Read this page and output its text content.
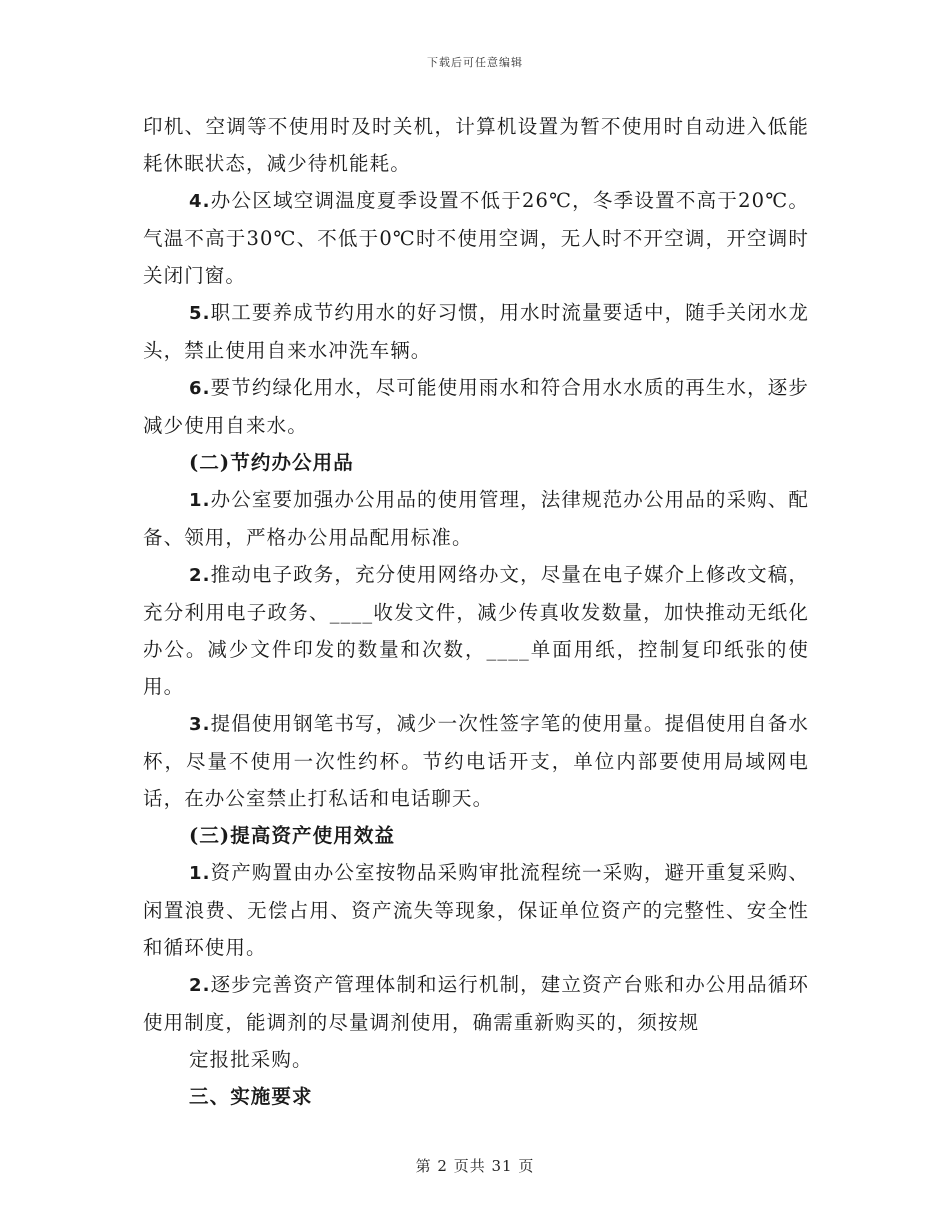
下载后可任意编辑

印机、空调等不使用时及时关机，计算机设置为暂不使用时自动进入低能耗休眠状态，减少待机能耗。

4.办公区域空调温度夏季设置不低于26℃，冬季设置不高于20℃。气温不高于30℃、不低于0℃时不使用空调，无人时不开空调，开空调时关闭门窗。

5.职工要养成节约用水的好习惯，用水时流量要适中，随手关闭水龙头，禁止使用自来水冲洗车辆。

6.要节约绿化用水，尽可能使用雨水和符合用水水质的再生水，逐步减少使用自来水。

(二)节约办公用品

1.办公室要加强办公用品的使用管理，法律规范办公用品的采购、配备、领用，严格办公用品配用标准。

2.推动电子政务，充分使用网络办文，尽量在电子媒介上修改文稿，充分利用电子政务、____收发文件，减少传真收发数量，加快推动无纸化办公。减少文件印发的数量和次数，____单面用纸，控制复印纸张的使用。

3.提倡使用钢笔书写，减少一次性签字笔的使用量。提倡使用自备水杯，尽量不使用一次性约杯。节约电话开支，单位内部要使用局域网电话，在办公室禁止打私话和电话聊天。

(三)提高资产使用效益

1.资产购置由办公室按物品采购审批流程统一采购，避开重复采购、闲置浪费、无偿占用、资产流失等现象，保证单位资产的完整性、安全性和循环使用。

2.逐步完善资产管理体制和运行机制，建立资产台账和办公用品循环使用制度，能调剂的尽量调剂使用，确需重新购买的，须按规

定报批采购。

三、实施要求

第 2 页共 31 页
